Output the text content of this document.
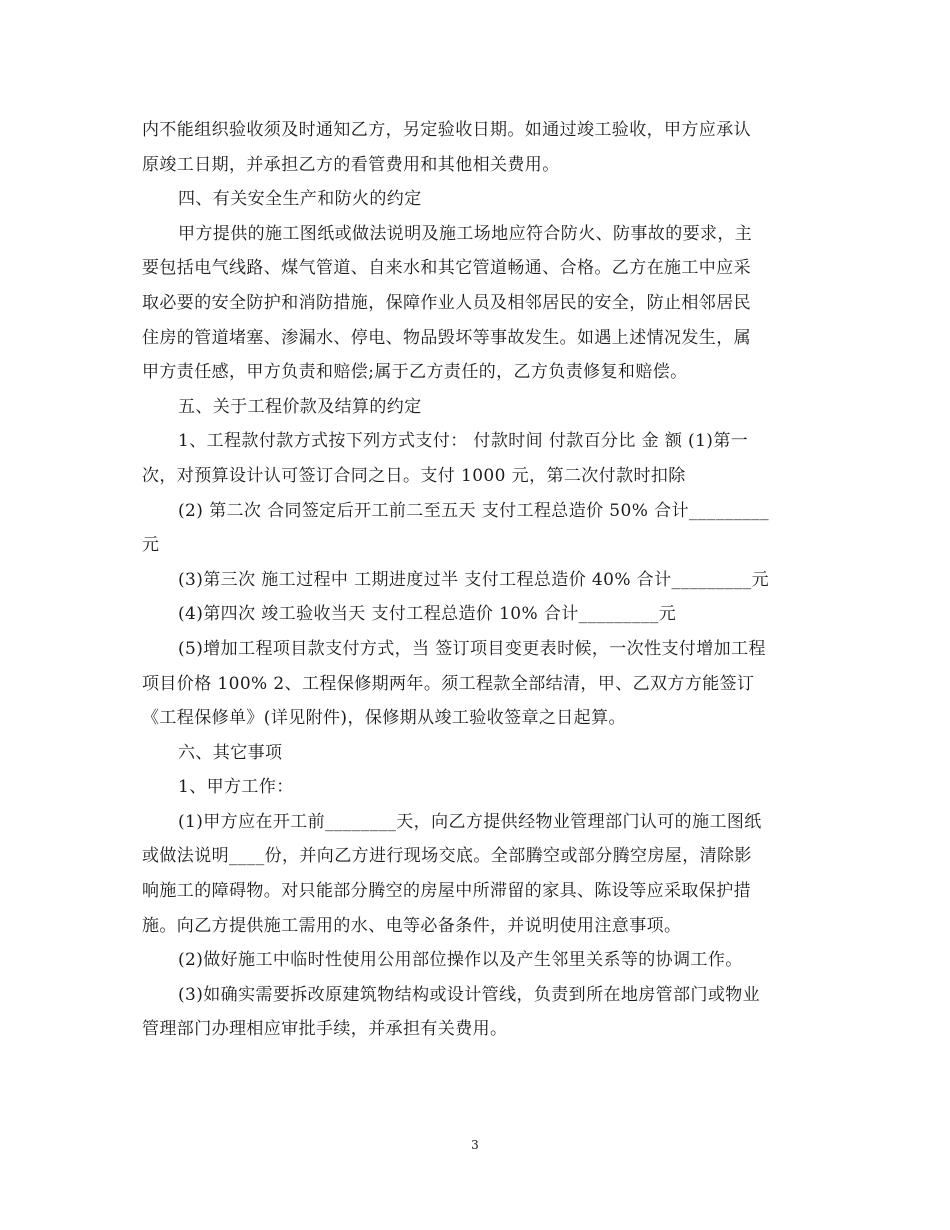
内不能组织验收须及时通知乙方，另定验收日期。如通过竣工验收，甲方应承认
原竣工日期，并承担乙方的看管费用和其他相关费用。
四、有关安全生产和防火的约定
甲方提供的施工图纸或做法说明及施工场地应符合防火、防事故的要求，主
要包括电气线路、煤气管道、自来水和其它管道畅通、合格。乙方在施工中应采
取必要的安全防护和消防措施，保障作业人员及相邻居民的安全，防止相邻居民
住房的管道堵塞、渗漏水、停电、物品毁坏等事故发生。如遇上述情况发生，属
甲方责任感，甲方负责和赔偿;属于乙方责任的，乙方负责修复和赔偿。
五、关于工程价款及结算的约定
1、工程款付款方式按下列方式支付： 付款时间 付款百分比 金 额 (1)第一
次，对预算设计认可签订合同之日。支付 1000 元，第二次付款时扣除
(2) 第二次 合同签定后开工前二至五天 支付工程总造价 50% 合计_________
元
(3)第三次 施工过程中 工期进度过半 支付工程总造价 40% 合计_________元
(4)第四次 竣工验收当天 支付工程总造价 10% 合计_________元
(5)增加工程项目款支付方式，当 签订项目变更表时候，一次性支付增加工程
项目价格 100% 2、工程保修期两年。须工程款全部结清，甲、乙双方方能签订
《工程保修单》(详见附件)，保修期从竣工验收签章之日起算。
六、其它事项
1、甲方工作：
(1)甲方应在开工前________天，向乙方提供经物业管理部门认可的施工图纸
或做法说明____份，并向乙方进行现场交底。全部腾空或部分腾空房屋，清除影
响施工的障碍物。对只能部分腾空的房屋中所滞留的家具、陈设等应采取保护措
施。向乙方提供施工需用的水、电等必备条件，并说明使用注意事项。
(2)做好施工中临时性使用公用部位操作以及产生邻里关系等的协调工作。
(3)如确实需要拆改原建筑物结构或设计管线，负责到所在地房管部门或物业
管理部门办理相应审批手续，并承担有关费用。
3
